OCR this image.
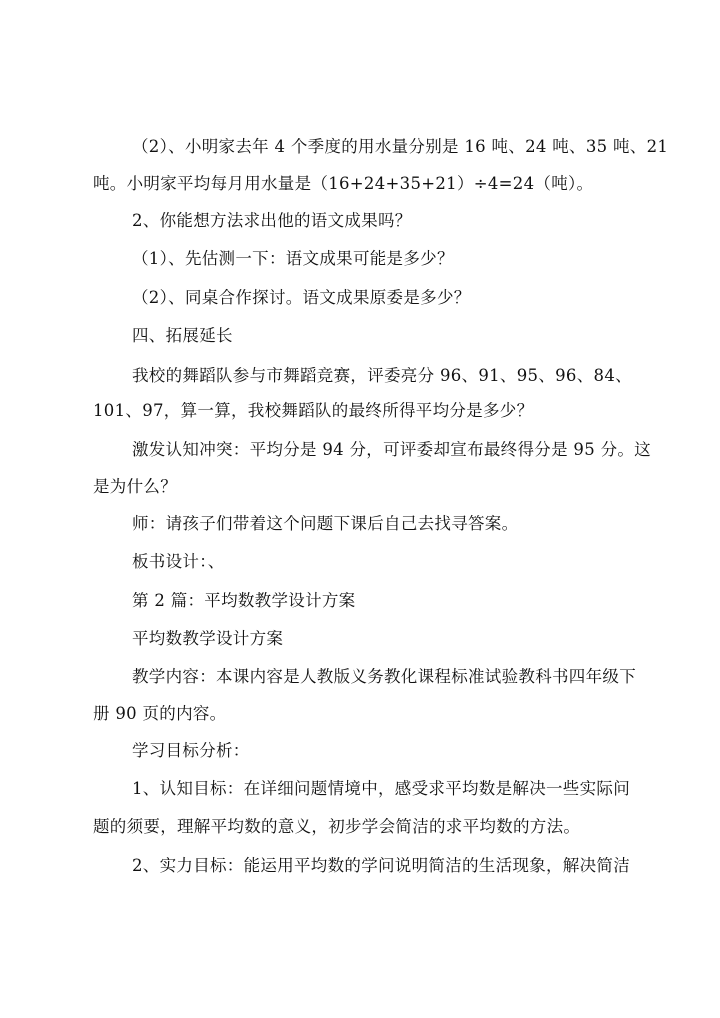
（2）、小明家去年 4 个季度的用水量分别是 16 吨、24 吨、35 吨、21
吨。小明家平均每月用水量是（16+24+35+21）÷4=24（吨）。
2、你能想方法求出他的语文成果吗？
（1）、先估测一下：语文成果可能是多少？
（2）、同桌合作探讨。语文成果原委是多少？
四、拓展延长
我校的舞蹈队参与市舞蹈竞赛，评委亮分 96、91、95、96、84、
101、97，算一算，我校舞蹈队的最终所得平均分是多少？
激发认知冲突：平均分是 94 分，可评委却宣布最终得分是 95 分。这
是为什么？
师：请孩子们带着这个问题下课后自己去找寻答案。
板书设计：、
第 2 篇：平均数教学设计方案
平均数教学设计方案
教学内容：本课内容是人教版义务教化课程标准试验教科书四年级下
册 90 页的内容。
学习目标分析：
1、认知目标：在详细问题情境中，感受求平均数是解决一些实际问
题的须要，理解平均数的意义，初步学会简洁的求平均数的方法。
2、实力目标：能运用平均数的学问说明简洁的生活现象，解决简洁
